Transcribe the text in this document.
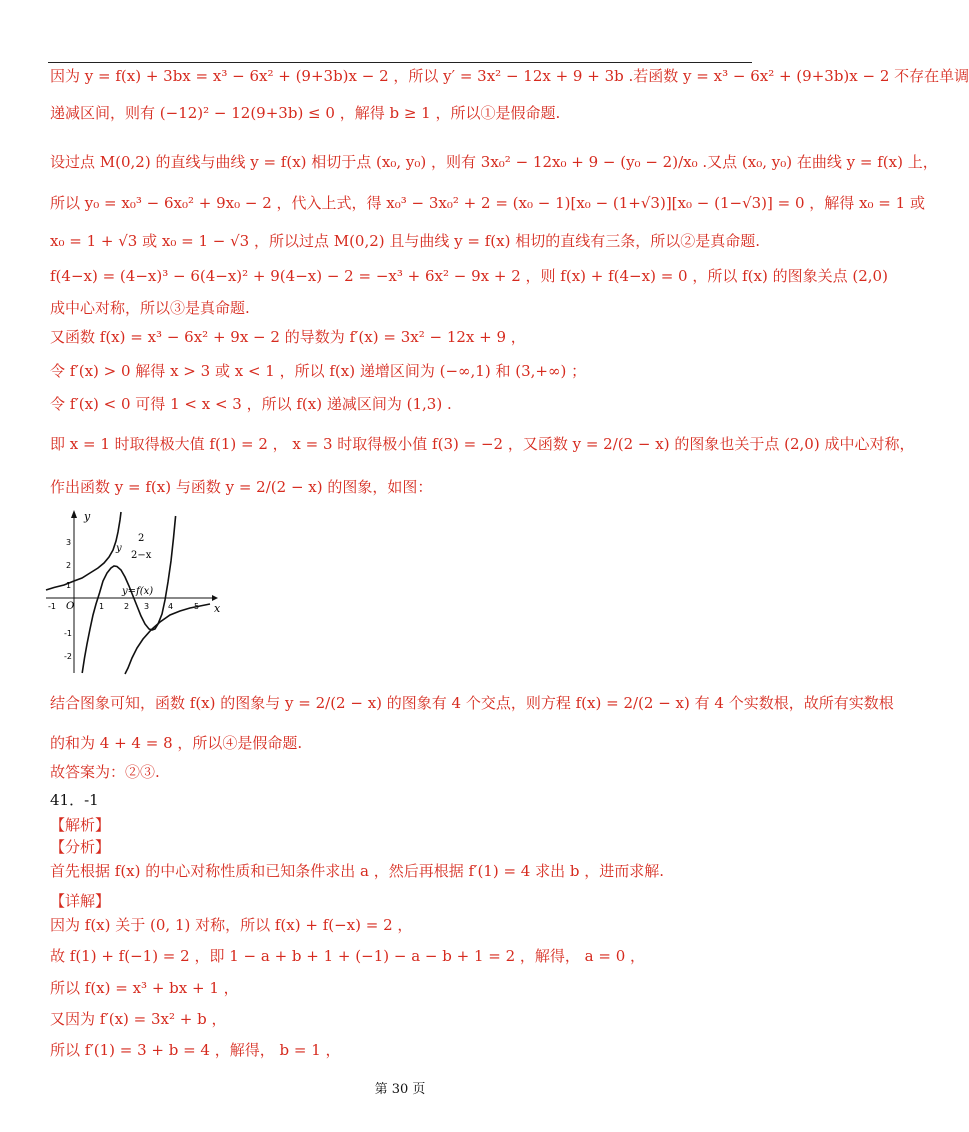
因为 y = f(x) + 3bx = x³ − 6x² + (9+3b)x − 2 ，所以 y′ = 3x² − 12x + 9 + 3b .若函数 y = x³ − 6x² + (9+3b)x − 2 不存在单调
递减区间，则有 (−12)² − 12(9+3b) ≤ 0 ，解得 b ≥ 1 ，所以①是假命题.
设过点 M(0,2) 的直线与曲线 y = f(x) 相切于点 (x₀, y₀) ，则有 3x₀² − 12x₀ + 9 − (y₀ − 2)/x₀ .又点 (x₀, y₀) 在曲线 y = f(x) 上，
所以 y₀ = x₀³ − 6x₀² + 9x₀ − 2 ，代入上式，得 x₀³ − 3x₀² + 2 = (x₀ − 1)[x₀ − (1+√3)][x₀ − (1−√3)] = 0 ，解得 x₀ = 1 或
x₀ = 1 + √3 或 x₀ = 1 − √3 ，所以过点 M(0,2) 且与曲线 y = f(x) 相切的直线有三条，所以②是真命题.
f(4−x) = (4−x)³ − 6(4−x)² + 9(4−x) − 2 = −x³ + 6x² − 9x + 2 ，则 f(x) + f(4−x) = 0 ，所以 f(x) 的图象关点 (2,0)
成中心对称，所以③是真命题.
又函数 f(x) = x³ − 6x² + 9x − 2 的导数为 f′(x) = 3x² − 12x + 9 ，
令 f′(x) > 0 解得 x > 3 或 x < 1 ，所以 f(x) 递增区间为 (−∞,1) 和 (3,+∞) ；
令 f′(x) < 0 可得 1 < x < 3 ，所以 f(x) 递减区间为 (1,3) .
即 x = 1 时取得极大值 f(1) = 2 ， x = 3 时取得极小值 f(3) = −2 ，又函数 y = 2/(2 − x) 的图象也关于点 (2,0) 成中心对称，
作出函数 y = f(x) 与函数 y = 2/(2 − x) 的图象，如图：
x
y
O
-1	1 2 3 4	5
3
2
1
-1
-2
y
2
2−x
y=f(x)
结合图象可知，函数 f(x) 的图象与 y = 2/(2 − x) 的图象有 4 个交点，则方程 f(x) = 2/(2 − x) 有 4 个实数根，故所有实数根
的和为 4 + 4 = 8 ，所以④是假命题.
故答案为：②③.
41．-1
【解析】
【分析】
首先根据 f(x) 的中心对称性质和已知条件求出 a ，然后再根据 f′(1) = 4 求出 b ，进而求解.
【详解】
因为 f(x) 关于 (0, 1) 对称，所以 f(x) + f(−x) = 2 ，
故 f(1) + f(−1) = 2 ，即 1 − a + b + 1 + (−1) − a − b + 1 = 2 ，解得， a = 0 ，
所以 f(x) = x³ + bx + 1 ，
又因为 f′(x) = 3x² + b ，
所以 f′(1) = 3 + b = 4 ，解得， b = 1 ，
第 30 页
